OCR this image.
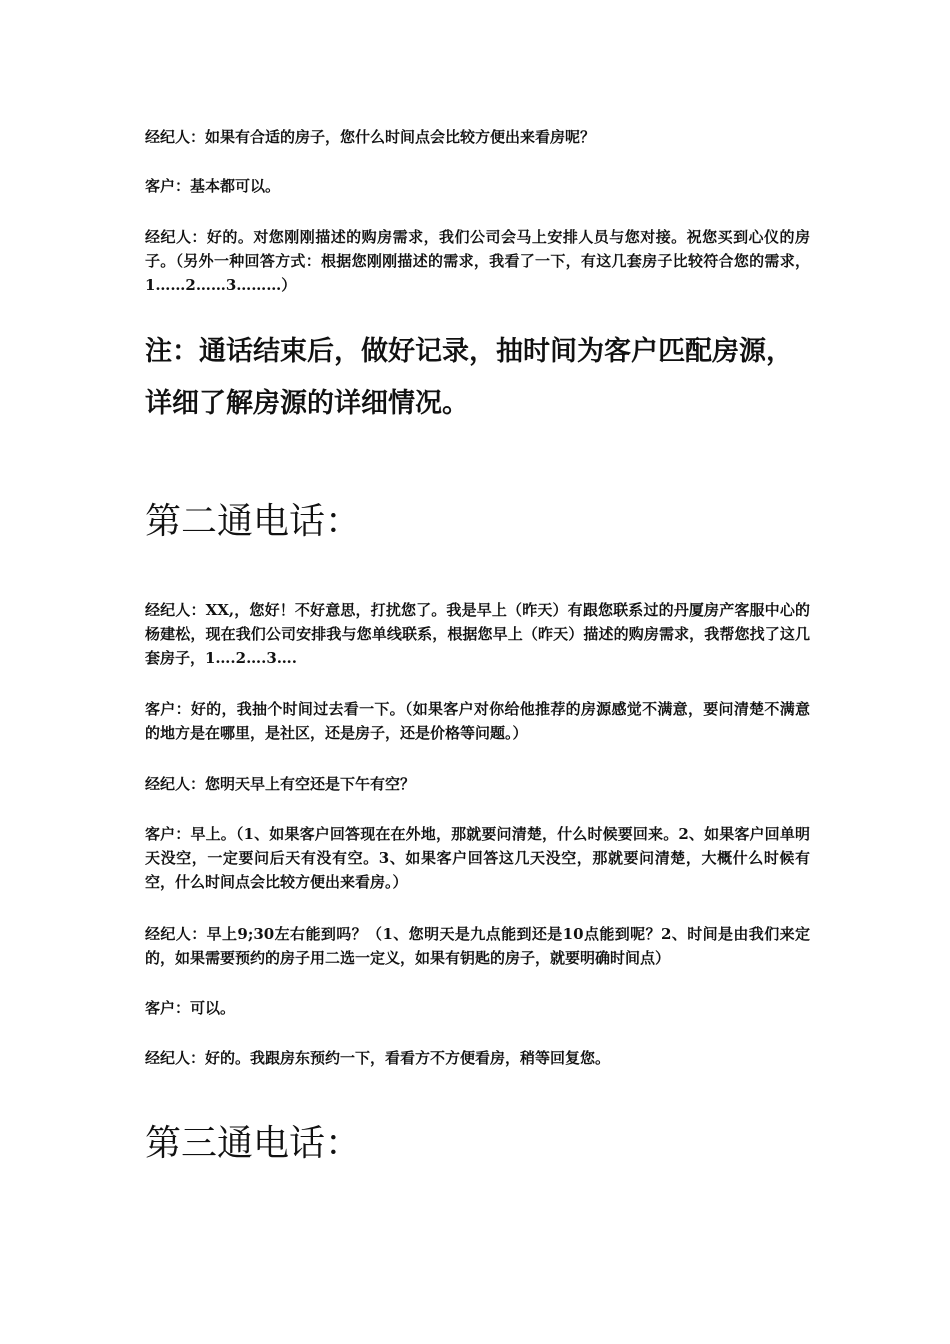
经纪人：如果有合适的房子，您什么时间点会比较方便出来看房呢？

客户：基本都可以。

经纪人：好的。对您刚刚描述的购房需求，我们公司会马上安排人员与您对接。祝您买到心仪的房子。（另外一种回答方式：根据您刚刚描述的需求，我看了一下，有这几套房子比较符合您的需求，1……2……3………）

注：通话结束后，做好记录，抽时间为客户匹配房源，详细了解房源的详细情况。

第二通电话：

经纪人：XX,，您好！不好意思，打扰您了。我是早上（昨天）有跟您联系过的丹厦房产客服中心的杨建松，现在我们公司安排我与您单线联系，根据您早上（昨天）描述的购房需求，我帮您找了这几套房子，1….2….3….

客户：好的，我抽个时间过去看一下。（如果客户对你给他推荐的房源感觉不满意，要问清楚不满意的地方是在哪里，是社区，还是房子，还是价格等问题。）

经纪人：您明天早上有空还是下午有空？

客户：早上。（1、如果客户回答现在在外地，那就要问清楚，什么时候要回来。2、如果客户回单明天没空，一定要问后天有没有空。3、如果客户回答这几天没空，那就要问清楚，大概什么时候有空，什么时间点会比较方便出来看房。）

经纪人：早上9;30左右能到吗？（1、您明天是九点能到还是10点能到呢？2、时间是由我们来定的，如果需要预约的房子用二选一定义，如果有钥匙的房子，就要明确时间点）

客户：可以。

经纪人：好的。我跟房东预约一下，看看方不方便看房，稍等回复您。

第三通电话：
